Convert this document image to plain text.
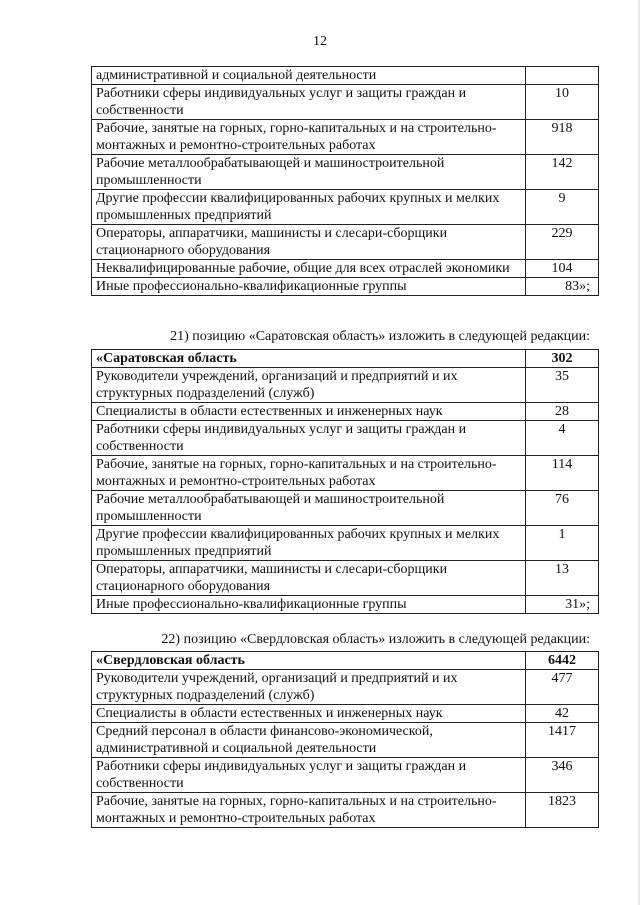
12
административной и социальной деятельности	
Работники сферы индивидуальных услуг и защиты граждан и собственности	10
Рабочие, занятые на горных, горно-капитальных и на строительно-монтажных и ремонтно-строительных работах	918
Рабочие металлообрабатывающей и машиностроительной промышленности	142
Другие профессии квалифицированных рабочих крупных и мелких промышленных предприятий	9
Операторы, аппаратчики, машинисты и слесари-сборщики стационарного оборудования	229
Неквалифицированные рабочие, общие для всех отраслей экономики	104
Иные профессионально-квалификационные группы	83»;
21) позицию «Саратовская область» изложить в следующей редакции:
«Саратовская область	302
Руководители учреждений, организаций и предприятий и их структурных подразделений (служб)	35
Специалисты в области естественных и инженерных наук	28
Работники сферы индивидуальных услуг и защиты граждан и собственности	4
Рабочие, занятые на горных, горно-капитальных и на строительно-монтажных и ремонтно-строительных работах	114
Рабочие металлообрабатывающей и машиностроительной промышленности	76
Другие профессии квалифицированных рабочих крупных и мелких промышленных предприятий	1
Операторы, аппаратчики, машинисты и слесари-сборщики стационарного оборудования	13
Иные профессионально-квалификационные группы	31»;
22) позицию «Свердловская область» изложить в следующей редакции:
«Свердловская область	6442
Руководители учреждений, организаций и предприятий и их структурных подразделений (служб)	477
Специалисты в области естественных и инженерных наук	42
Средний персонал в области финансово-экономической, административной и социальной деятельности	1417
Работники сферы индивидуальных услуг и защиты граждан и собственности	346
Рабочие, занятые на горных, горно-капитальных и на строительно-монтажных и ремонтно-строительных работах	1823
